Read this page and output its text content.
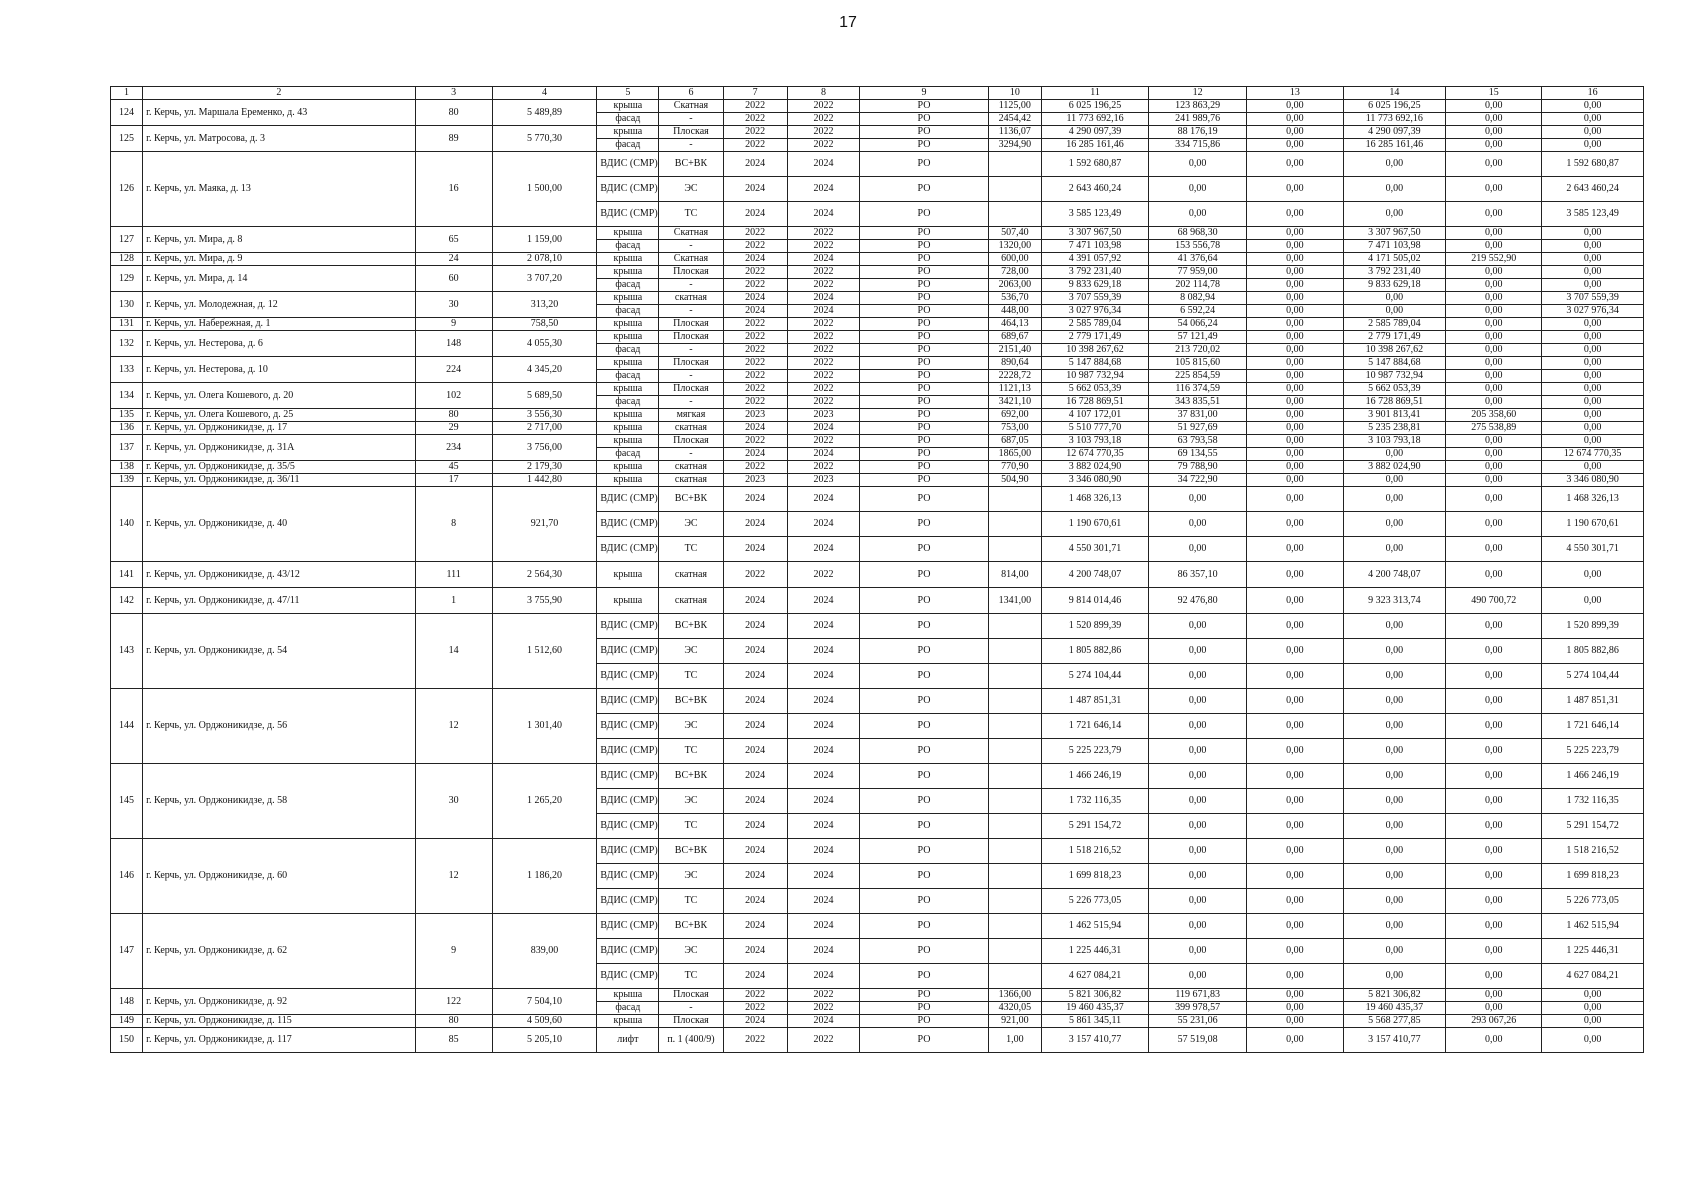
17
1	2	3	4	5	6	7	8	9	10	11	12	13	14	15	16
124	г. Керчь, ул. Маршала Еременко, д. 43	80	5 489,89	крыша	Скатная	2022	2022	РО	1125,00	6 025 196,25	123 863,29	0,00	6 025 196,25	0,00	0,00
				фасад	-	2022	2022	РО	2454,42	11 773 692,16	241 989,76	0,00	11 773 692,16	0,00	0,00
125	г. Керчь, ул. Матросова, д. 3	89	5 770,30	крыша	Плоская	2022	2022	РО	1136,07	4 290 097,39	88 176,19	0,00	4 290 097,39	0,00	0,00
				фасад	-	2022	2022	РО	3294,90	16 285 161,46	334 715,86	0,00	16 285 161,46	0,00	0,00
126	г. Керчь, ул. Маяка, д. 13	16	1 500,00	ВДИС (СМР)	ВС+ВК	2024	2024	РО		1 592 680,87	0,00	0,00	0,00	0,00	1 592 680,87
				ВДИС (СМР)	ЭС	2024	2024	РО		2 643 460,24	0,00	0,00	0,00	0,00	2 643 460,24
				ВДИС (СМР)	ТС	2024	2024	РО		3 585 123,49	0,00	0,00	0,00	0,00	3 585 123,49
127	г. Керчь, ул. Мира, д. 8	65	1 159,00	крыша	Скатная	2022	2022	РО	507,40	3 307 967,50	68 968,30	0,00	3 307 967,50	0,00	0,00
				фасад	-	2022	2022	РО	1320,00	7 471 103,98	153 556,78	0,00	7 471 103,98	0,00	0,00
128	г. Керчь, ул. Мира, д. 9	24	2 078,10	крыша	Скатная	2024	2024	РО	600,00	4 391 057,92	41 376,64	0,00	4 171 505,02	219 552,90	0,00
129	г. Керчь, ул. Мира, д. 14	60	3 707,20	крыша	Плоская	2022	2022	РО	728,00	3 792 231,40	77 959,00	0,00	3 792 231,40	0,00	0,00
				фасад	-	2022	2022	РО	2063,00	9 833 629,18	202 114,78	0,00	9 833 629,18	0,00	0,00
130	г. Керчь, ул. Молодежная, д. 12	30	313,20	крыша	скатная	2024	2024	РО	536,70	3 707 559,39	8 082,94	0,00	0,00	0,00	3 707 559,39
				фасад	-	2024	2024	РО	448,00	3 027 976,34	6 592,24	0,00	0,00	0,00	3 027 976,34
131	г. Керчь, ул. Набережная, д. 1	9	758,50	крыша	Плоская	2022	2022	РО	464,13	2 585 789,04	54 066,24	0,00	2 585 789,04	0,00	0,00
132	г. Керчь, ул. Нестерова, д. 6	148	4 055,30	крыша	Плоская	2022	2022	РО	689,67	2 779 171,49	57 121,49	0,00	2 779 171,49	0,00	0,00
				фасад	-	2022	2022	РО	2151,40	10 398 267,62	213 720,02	0,00	10 398 267,62	0,00	0,00
133	г. Керчь, ул. Нестерова, д. 10	224	4 345,20	крыша	Плоская	2022	2022	РО	890,64	5 147 884,68	105 815,60	0,00	5 147 884,68	0,00	0,00
				фасад	-	2022	2022	РО	2228,72	10 987 732,94	225 854,59	0,00	10 987 732,94	0,00	0,00
134	г. Керчь, ул. Олега Кошевого, д. 20	102	5 689,50	крыша	Плоская	2022	2022	РО	1121,13	5 662 053,39	116 374,59	0,00	5 662 053,39	0,00	0,00
				фасад	-	2022	2022	РО	3421,10	16 728 869,51	343 835,51	0,00	16 728 869,51	0,00	0,00
135	г. Керчь, ул. Олега Кошевого, д. 25	80	3 556,30	крыша	мягкая	2023	2023	РО	692,00	4 107 172,01	37 831,00	0,00	3 901 813,41	205 358,60	0,00
136	г. Керчь, ул. Орджоникидзе, д. 17	29	2 717,00	крыша	скатная	2024	2024	РО	753,00	5 510 777,70	51 927,69	0,00	5 235 238,81	275 538,89	0,00
137	г. Керчь, ул. Орджоникидзе, д. 31А	234	3 756,00	крыша	Плоская	2022	2022	РО	687,05	3 103 793,18	63 793,58	0,00	3 103 793,18	0,00	0,00
				фасад	-	2024	2024	РО	1865,00	12 674 770,35	69 134,55	0,00	0,00	0,00	12 674 770,35
138	г. Керчь, ул. Орджоникидзе, д. 35/5	45	2 179,30	крыша	скатная	2022	2022	РО	770,90	3 882 024,90	79 788,90	0,00	3 882 024,90	0,00	0,00
139	г. Керчь, ул. Орджоникидзе, д. 36/11	17	1 442,80	крыша	скатная	2023	2023	РО	504,90	3 346 080,90	34 722,90	0,00	0,00	0,00	3 346 080,90
140	г. Керчь, ул. Орджоникидзе, д. 40	8	921,70	ВДИС (СМР)	ВС+ВК	2024	2024	РО		1 468 326,13	0,00	0,00	0,00	0,00	1 468 326,13
				ВДИС (СМР)	ЭС	2024	2024	РО		1 190 670,61	0,00	0,00	0,00	0,00	1 190 670,61
				ВДИС (СМР)	ТС	2024	2024	РО		4 550 301,71	0,00	0,00	0,00	0,00	4 550 301,71
141	г. Керчь, ул. Орджоникидзе, д. 43/12	111	2 564,30	крыша	скатная	2022	2022	РО	814,00	4 200 748,07	86 357,10	0,00	4 200 748,07	0,00	0,00
142	г. Керчь, ул. Орджоникидзе, д. 47/11	1	3 755,90	крыша	скатная	2024	2024	РО	1341,00	9 814 014,46	92 476,80	0,00	9 323 313,74	490 700,72	0,00
143	г. Керчь, ул. Орджоникидзе, д. 54	14	1 512,60	ВДИС (СМР)	ВС+ВК	2024	2024	РО		1 520 899,39	0,00	0,00	0,00	0,00	1 520 899,39
				ВДИС (СМР)	ЭС	2024	2024	РО		1 805 882,86	0,00	0,00	0,00	0,00	1 805 882,86
				ВДИС (СМР)	ТС	2024	2024	РО		5 274 104,44	0,00	0,00	0,00	0,00	5 274 104,44
144	г. Керчь, ул. Орджоникидзе, д. 56	12	1 301,40	ВДИС (СМР)	ВС+ВК	2024	2024	РО		1 487 851,31	0,00	0,00	0,00	0,00	1 487 851,31
				ВДИС (СМР)	ЭС	2024	2024	РО		1 721 646,14	0,00	0,00	0,00	0,00	1 721 646,14
				ВДИС (СМР)	ТС	2024	2024	РО		5 225 223,79	0,00	0,00	0,00	0,00	5 225 223,79
145	г. Керчь, ул. Орджоникидзе, д. 58	30	1 265,20	ВДИС (СМР)	ВС+ВК	2024	2024	РО		1 466 246,19	0,00	0,00	0,00	0,00	1 466 246,19
				ВДИС (СМР)	ЭС	2024	2024	РО		1 732 116,35	0,00	0,00	0,00	0,00	1 732 116,35
				ВДИС (СМР)	ТС	2024	2024	РО		5 291 154,72	0,00	0,00	0,00	0,00	5 291 154,72
146	г. Керчь, ул. Орджоникидзе, д. 60	12	1 186,20	ВДИС (СМР)	ВС+ВК	2024	2024	РО		1 518 216,52	0,00	0,00	0,00	0,00	1 518 216,52
				ВДИС (СМР)	ЭС	2024	2024	РО		1 699 818,23	0,00	0,00	0,00	0,00	1 699 818,23
				ВДИС (СМР)	ТС	2024	2024	РО		5 226 773,05	0,00	0,00	0,00	0,00	5 226 773,05
147	г. Керчь, ул. Орджоникидзе, д. 62	9	839,00	ВДИС (СМР)	ВС+ВК	2024	2024	РО		1 462 515,94	0,00	0,00	0,00	0,00	1 462 515,94
				ВДИС (СМР)	ЭС	2024	2024	РО		1 225 446,31	0,00	0,00	0,00	0,00	1 225 446,31
				ВДИС (СМР)	ТС	2024	2024	РО		4 627 084,21	0,00	0,00	0,00	0,00	4 627 084,21
148	г. Керчь, ул. Орджоникидзе, д. 92	122	7 504,10	крыша	Плоская	2022	2022	РО	1366,00	5 821 306,82	119 671,83	0,00	5 821 306,82	0,00	0,00
				фасад	-	2022	2022	РО	4320,05	19 460 435,37	399 978,57	0,00	19 460 435,37	0,00	0,00
149	г. Керчь, ул. Орджоникидзе, д. 115	80	4 509,60	крыша	Плоская	2024	2024	РО	921,00	5 861 345,11	55 231,06	0,00	5 568 277,85	293 067,26	0,00
150	г. Керчь, ул. Орджоникидзе, д. 117	85	5 205,10	лифт	п. 1 (400/9)	2022	2022	РО	1,00	3 157 410,77	57 519,08	0,00	3 157 410,77	0,00	0,00
